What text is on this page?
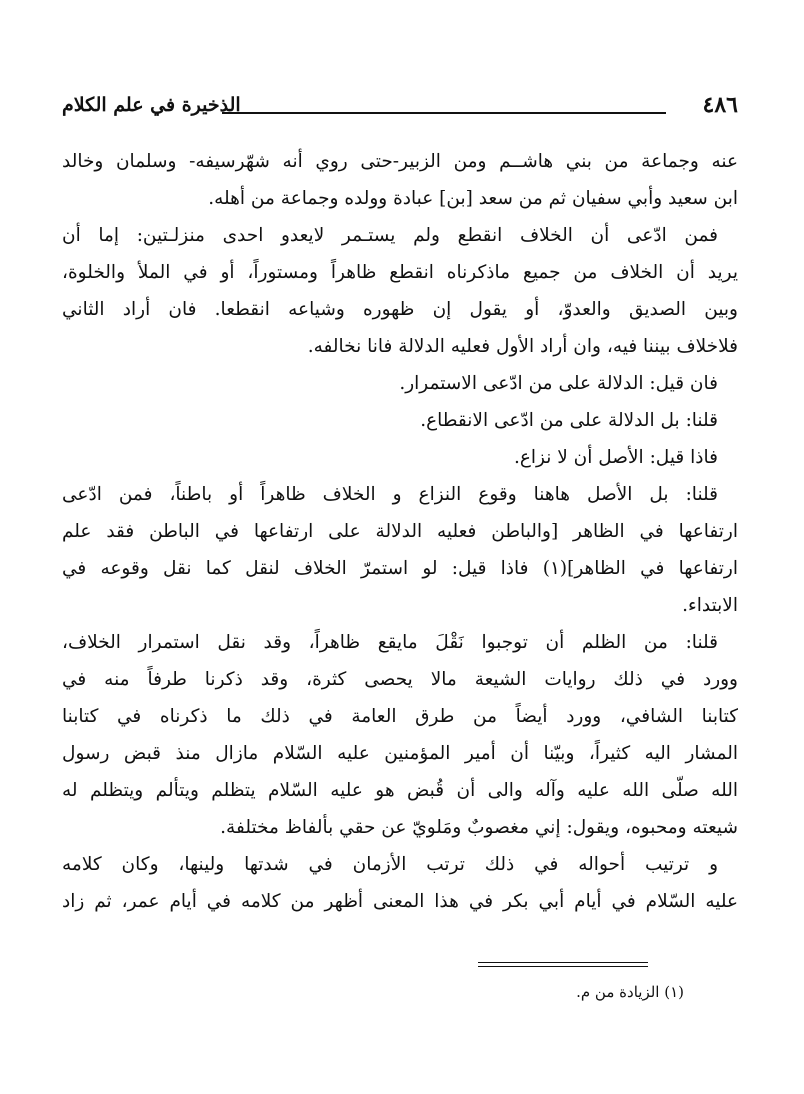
٤٨٦
الذخيرة في علم الكلام
عنه وجماعة من بني هاشــم ومن الزبير-حتى روي أنه شهّرسيفه- وسلمان وخالد
ابن سعيد وأبي سفيان ثم من سعد [بن] عبادة وولده وجماعة من أهله.
فمن ادّعى أن الخلاف انقطع ولم يستـمر لايعدو احدى منزلـتين: إما أن
يريد أن الخلاف من جميع ماذكرناه انقطع ظاهراً ومستوراً، أو في الملأ والخلوة،
وبين الصديق والعدوّ، أو يقول إن ظهوره وشياعه انقطعا. فان أراد الثاني
فلاخلاف بيننا فيه، وان أراد الأول فعليه الدلالة فانا نخالفه.
فان قيل: الدلالة على من ادّعى الاستمرار.
قلنا: بل الدلالة على من ادّعى الانقطاع.
فاذا قيل: الأصل أن لا نزاع.
قلنا: بل الأصل هاهنا وقوع النزاع و الخلاف ظاهراً أو باطناً، فمن ادّعى
ارتفاعها في الظاهر [والباطن فعليه الدلالة على ارتفاعها في الباطن فقد علم
ارتفاعها في الظاهر](١) فاذا قيل: لو استمرّ الخلاف لنقل كما نقل وقوعه في
الابتداء.
قلنا: من الظلم أن توجبوا نَقْلَ مايقع ظاهراً، وقد نقل استمرار الخلاف،
وورد في ذلك روايات الشيعة مالا يحصى كثرة، وقد ذكرنا طرفاً منه في
كتابنا الشافي، وورد أيضاً من طرق العامة في ذلك ما ذكرناه في كتابنا
المشار اليه كثيراً، وبيّنا أن أمير المؤمنين عليه السّلام مازال منذ قبض رسول
الله صلّى الله عليه وآله والى أن قُبض هو عليه السّلام يتظلم ويتألم ويتظلم له
شيعته ومحبوه، ويقول: إني مغصوبٌ ومَلويّ عن حقي بألفاظ مختلفة.
و ترتيب أحواله في ذلك ترتب الأزمان في شدتها ولينها، وكان كلامه
عليه السّلام في أيام أبي بكر في هذا المعنى أظهر من كلامه في أيام عمر، ثم زاد
(١) الزيادة من م.
